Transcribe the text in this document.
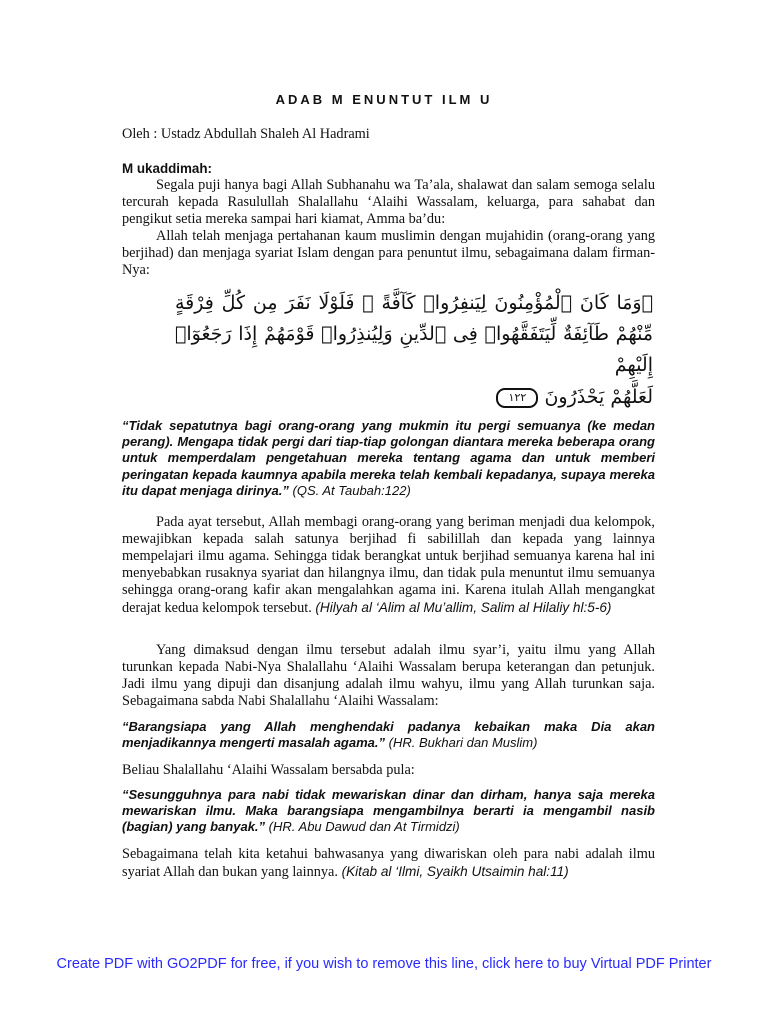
ADAB M ENUNTUT ILM U

Oleh : Ustadz Abdullah Shaleh Al Hadrami

M ukaddimah:

Segala puji hanya bagi Allah Subhanahu wa Ta’ala, shalawat dan salam semoga selalu tercurah kepada Rasulullah Shalallahu ‘Alaihi Wassalam, keluarga, para sahabat dan pengikut setia mereka sampai hari kiamat, Amma ba’du:

Allah telah menjaga pertahanan kaum muslimin dengan mujahidin (orang-orang yang berjihad) dan menjaga syariat Islam dengan para penuntut ilmu, sebagaimana dalam firman-Nya:

۞وَمَا كَانَ ٱلْمُؤْمِنُونَ لِيَنفِرُوا۟ كَآفَّةً ۚ فَلَوْلَا نَفَرَ مِن كُلِّ فِرْقَةٍ مِّنْهُمْ طَآئِفَةٌ لِّيَتَفَقَّهُوا۟ فِى ٱلدِّينِ وَلِيُنذِرُوا۟ قَوْمَهُمْ إِذَا رَجَعُوٓا۟ إِلَيْهِمْ
لَعَلَّهُمْ يَحْذَرُونَ ١٢٢

“Tidak sepatutnya bagi orang-orang yang mukmin itu pergi semuanya (ke medan perang). Mengapa tidak pergi dari tiap-tiap golongan diantara mereka beberapa orang untuk memperdalam pengetahuan mereka tentang agama dan untuk memberi peringatan kepada kaumnya apabila mereka telah kembali kepadanya, supaya mereka itu dapat menjaga dirinya.” (QS. At Taubah:122)

Pada ayat tersebut, Allah membagi orang-orang yang beriman menjadi dua kelompok, mewajibkan kepada salah satunya berjihad fi sabilillah dan kepada yang lainnya mempelajari ilmu agama. Sehingga tidak berangkat untuk berjihad semuanya karena hal ini menyebabkan rusaknya syariat dan hilangnya ilmu, dan tidak pula menuntut ilmu semuanya sehingga orang-orang kafir akan mengalahkan agama ini. Karena itulah Allah mengangkat derajat kedua kelompok tersebut. (Hilyah al ‘Alim al Mu’allim, Salim al Hilaliy hl:5-6)

Yang dimaksud dengan ilmu tersebut adalah ilmu syar’i, yaitu ilmu yang Allah turunkan kepada Nabi-Nya Shalallahu ‘Alaihi Wassalam berupa keterangan dan petunjuk. Jadi ilmu yang dipuji dan disanjung adalah ilmu wahyu, ilmu yang Allah turunkan saja. Sebagaimana sabda Nabi Shalallahu ‘Alaihi Wassalam:

“Barangsiapa yang Allah menghendaki padanya kebaikan maka Dia akan menjadikannya mengerti masalah agama.” (HR. Bukhari dan Muslim)

Beliau Shalallahu ‘Alaihi Wassalam bersabda pula:

“Sesungguhnya para nabi tidak mewariskan dinar dan dirham, hanya saja mereka mewariskan ilmu. Maka barangsiapa mengambilnya berarti ia mengambil nasib (bagian) yang banyak.” (HR. Abu Dawud dan At Tirmidzi)

Sebagaimana telah kita ketahui bahwasanya yang diwariskan oleh para nabi adalah ilmu syariat Allah dan bukan yang lainnya. (Kitab al ‘Ilmi, Syaikh Utsaimin hal:11)

Create PDF with GO2PDF for free, if you wish to remove this line, click here to buy Virtual PDF Printer
